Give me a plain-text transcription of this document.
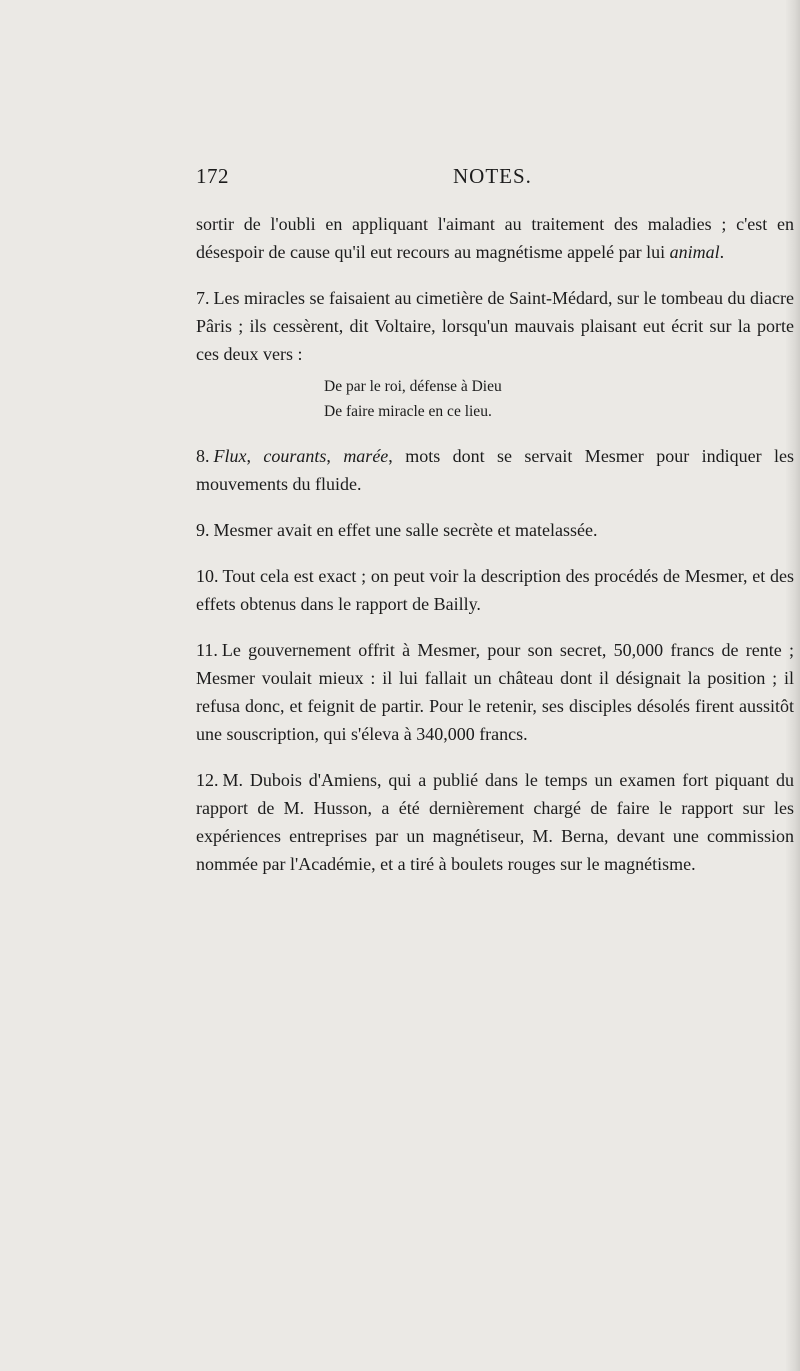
172	NOTES.

sortir de l'oubli en appliquant l'aimant au traitement des maladies ; c'est en désespoir de cause qu'il eut recours au magnétisme appelé par lui animal.

7. Les miracles se faisaient au cimetière de Saint-Médard, sur le tombeau du diacre Pâris ; ils cessèrent, dit Voltaire, lorsqu'un mauvais plaisant eut écrit sur la porte ces deux vers :

De par le roi, défense à Dieu
De faire miracle en ce lieu.

8. Flux, courants, marée, mots dont se servait Mesmer pour indiquer les mouvements du fluide.

9. Mesmer avait en effet une salle secrète et matelassée.

10. Tout cela est exact ; on peut voir la description des procédés de Mesmer, et des effets obtenus dans le rapport de Bailly.

11. Le gouvernement offrit à Mesmer, pour son secret, 50,000 francs de rente ; Mesmer voulait mieux : il lui fallait un château dont il désignait la position ; il refusa donc, et feignit de partir. Pour le retenir, ses disciples désolés firent aussitôt une souscription, qui s'éleva à 340,000 francs.

12. M. Dubois d'Amiens, qui a publié dans le temps un examen fort piquant du rapport de M. Husson, a été dernièrement chargé de faire le rapport sur les expériences entreprises par un magnétiseur, M. Berna, devant une commission nommée par l'Académie, et a tiré à boulets rouges sur le magnétisme.
